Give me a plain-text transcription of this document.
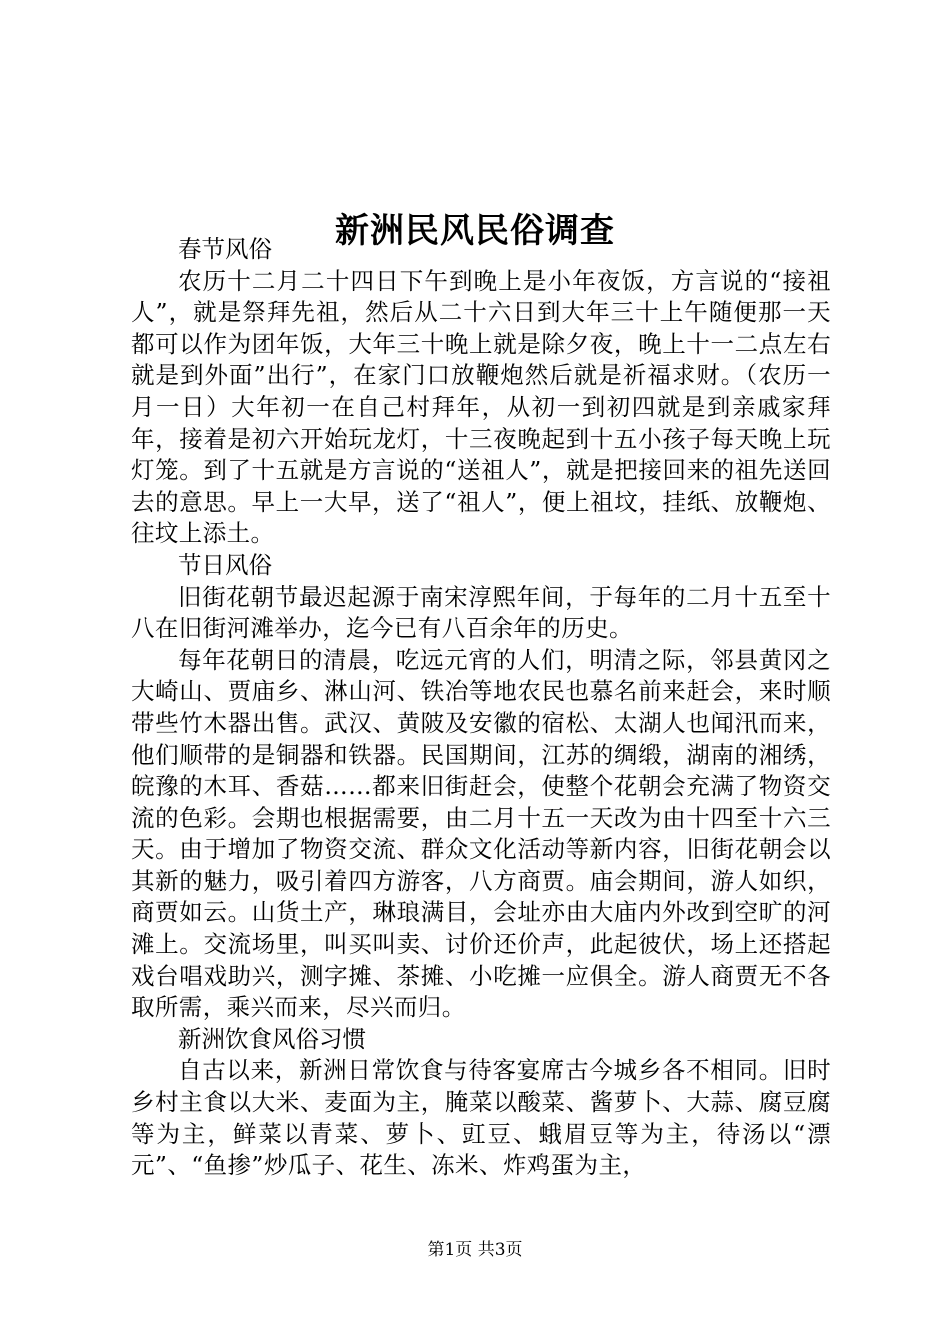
新洲民风民俗调查
春节风俗

农历十二月二十四日下午到晚上是小年夜饭，方言说的“接祖人”，就是祭拜先祖，然后从二十六日到大年三十上午随便那一天都可以作为团年饭，大年三十晚上就是除夕夜，晚上十一二点左右就是到外面”出行”，在家门口放鞭炮然后就是祈福求财。（农历一月一日）大年初一在自己村拜年，从初一到初四就是到亲戚家拜年，接着是初六开始玩龙灯，十三夜晚起到十五小孩子每天晚上玩灯笼。到了十五就是方言说的“送祖人”，就是把接回来的祖先送回去的意思。早上一大早，送了“祖人”，便上祖坟，挂纸、放鞭炮、往坟上添土。

节日风俗

旧街花朝节最迟起源于南宋淳熙年间，于每年的二月十五至十八在旧街河滩举办，迄今已有八百余年的历史。

每年花朝日的清晨，吃远元宵的人们，明清之际，邻县黄冈之大崎山、贾庙乡、淋山河、铁冶等地农民也慕名前来赶会，来时顺带些竹木器出售。武汉、黄陂及安徽的宿松、太湖人也闻汛而来，他们顺带的是铜器和铁器。民国期间，江苏的绸缎，湖南的湘绣，皖豫的木耳、香菇……都来旧街赶会，使整个花朝会充满了物资交流的色彩。会期也根据需要，由二月十五一天改为由十四至十六三天。由于增加了物资交流、群众文化活动等新内容，旧街花朝会以其新的魅力，吸引着四方游客，八方商贾。庙会期间，游人如织，商贾如云。山货土产，琳琅满目，会址亦由大庙内外改到空旷的河滩上。交流场里，叫买叫卖、讨价还价声，此起彼伏，场上还搭起戏台唱戏助兴，测字摊、茶摊、小吃摊一应俱全。游人商贾无不各取所需，乘兴而来，尽兴而归。

新洲饮食风俗习惯

自古以来，新洲日常饮食与待客宴席古今城乡各不相同。旧时乡村主食以大米、麦面为主，腌菜以酸菜、酱萝卜、大蒜、腐豆腐等为主，鲜菜以青菜、萝卜、豇豆、蛾眉豆等为主，待汤以“漂元”、“鱼掺”炒瓜子、花生、冻米、炸鸡蛋为主，

第1页 共3页
